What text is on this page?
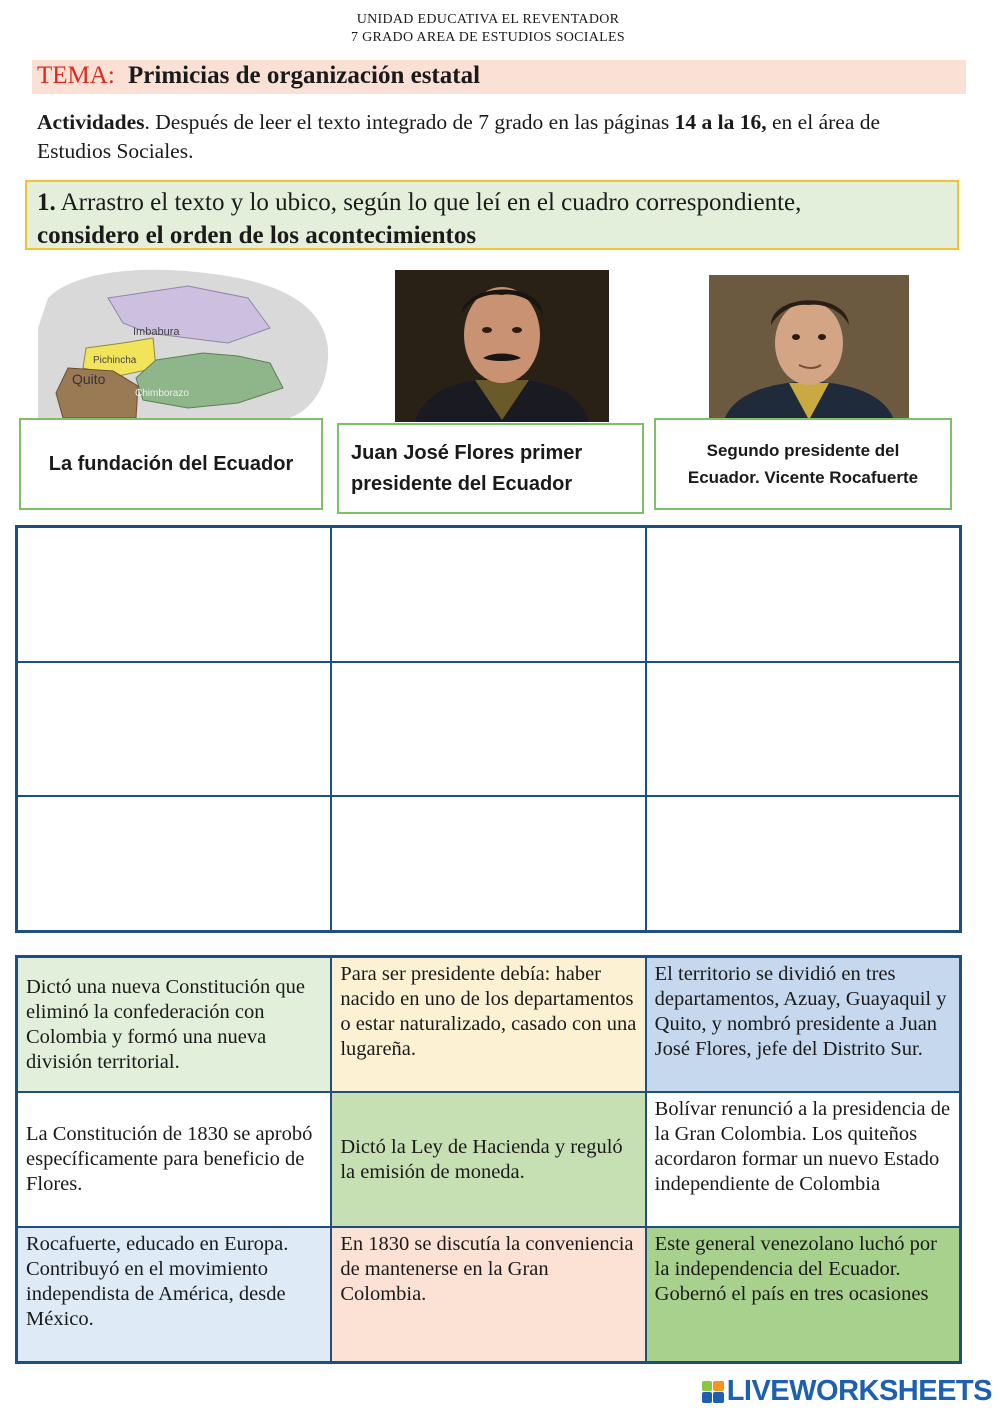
UNIDAD EDUCATIVA EL REVENTADOR
7 GRADO AREA DE ESTUDIOS SOCIALES
TEMA: Primicias de organización estatal
Actividades. Después de leer el texto integrado de 7 grado en las páginas 14 a la 16, en el área de Estudios Sociales.
1. Arrastro el texto y lo ubico, según lo que leí en el cuadro correspondiente,
considero el orden de los acontecimientos
Imbabura
Pichincha
Quito
Chimborazo
La fundación del Ecuador	Juan José Flores primer presidente del Ecuador
Segundo presidente del Ecuador. Vicente Rocafuerte
Dictó una nueva Constitución que eliminó la confederación con Colombia y formó una nueva división territorial.
Para ser presidente debía: haber nacido en uno de los departamentos o estar naturalizado, casado con una lugareña.
El territorio se dividió en tres departamentos, Azuay, Guayaquil y Quito, y nombró presidente a Juan José Flores, jefe del Distrito Sur.
La Constitución de 1830 se aprobó específicamente para beneficio de Flores.
Dictó la Ley de Hacienda y reguló la emisión de moneda.
Bolívar renunció a la presidencia de la Gran Colombia. Los quiteños acordaron formar un nuevo Estado independiente de Colombia
Rocafuerte, educado en Europa. Contribuyó en el movimiento independista de América, desde México.
En 1830 se discutía la conveniencia de mantenerse en la Gran Colombia.
Este general venezolano luchó por la independencia del Ecuador. Gobernó el país en tres ocasiones
LIVEWORKSHEETS
